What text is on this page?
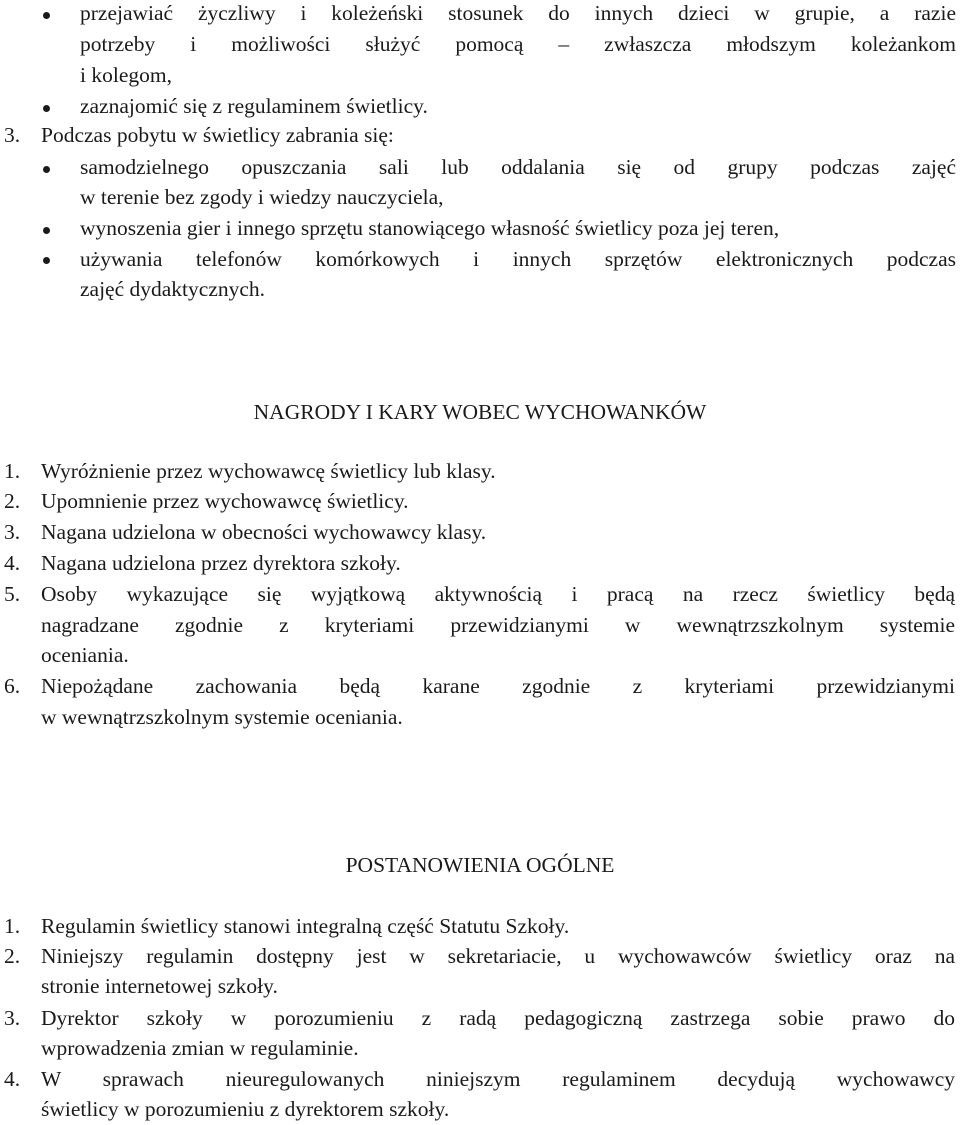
przejawiać życzliwy i koleżeński stosunek do innych dzieci w grupie, a razie
potrzeby i możliwości służyć pomocą – zwłaszcza młodszym koleżankom
i kolegom,
zaznajomić się z regulaminem świetlicy.
3. Podczas pobytu w świetlicy zabrania się:
samodzielnego opuszczania sali lub oddalania się od grupy podczas zajęć
w terenie bez zgody i wiedzy nauczyciela,
wynoszenia gier i innego sprzętu stanowiącego własność świetlicy poza jej teren,
używania telefonów komórkowych i innych sprzętów elektronicznych podczas
zajęć dydaktycznych.
NAGRODY I KARY WOBEC WYCHOWANKÓW
1. Wyróżnienie przez wychowawcę świetlicy lub klasy.
2. Upomnienie przez wychowawcę świetlicy.
3. Nagana udzielona w obecności wychowawcy klasy.
4. Nagana udzielona przez dyrektora szkoły.
5. Osoby wykazujące się wyjątkową aktywnością i pracą na rzecz świetlicy będą
nagradzane zgodnie z kryteriami przewidzianymi w wewnątrzszkolnym systemie
oceniania.
6. Niepożądane zachowania będą karane zgodnie z kryteriami przewidzianymi
w wewnątrzszkolnym systemie oceniania.
POSTANOWIENIA OGÓLNE
1. Regulamin świetlicy stanowi integralną część Statutu Szkoły.
2. Niniejszy regulamin dostępny jest w sekretariacie, u wychowawców świetlicy oraz na
stronie internetowej szkoły.
3. Dyrektor szkoły w porozumieniu z radą pedagogiczną zastrzega sobie prawo do
wprowadzenia zmian w regulaminie.
4. W sprawach nieuregulowanych niniejszym regulaminem decydują wychowawcy
świetlicy w porozumieniu z dyrektorem szkoły.
